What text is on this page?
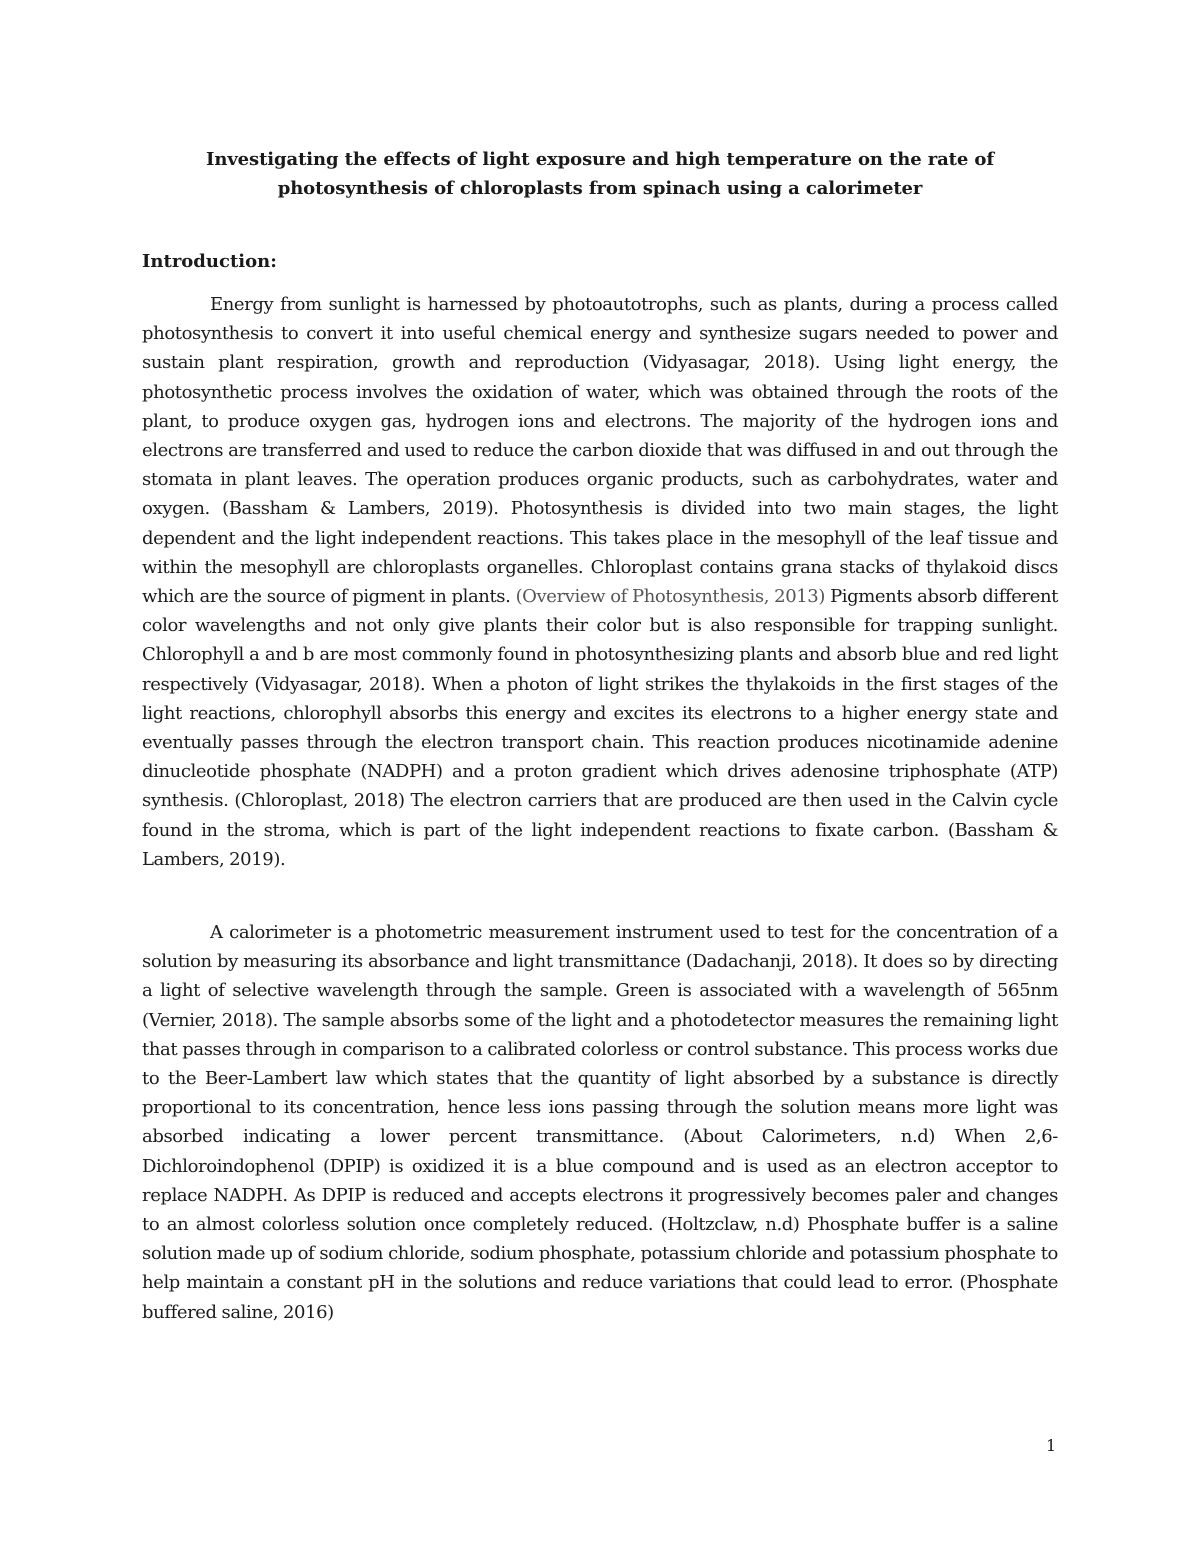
Investigating the effects of light exposure and high temperature on the rate of
photosynthesis of chloroplasts from spinach using a calorimeter
Introduction:

Energy from sunlight is harnessed by photoautotrophs, such as plants, during a process called photosynthesis to convert it into useful chemical energy and synthesize sugars needed to power and sustain plant respiration, growth and reproduction (Vidyasagar, 2018). Using light energy, the photosynthetic process involves the oxidation of water, which was obtained through the roots of the plant, to produce oxygen gas, hydrogen ions and electrons. The majority of the hydrogen ions and electrons are transferred and used to reduce the carbon dioxide that was diffused in and out through the stomata in plant leaves. The operation produces organic products, such as carbohydrates, water and oxygen. (Bassham & Lambers, 2019). Photosynthesis is divided into two main stages, the light dependent and the light independent reactions. This takes place in the mesophyll of the leaf tissue and within the mesophyll are chloroplasts organelles. Chloroplast contains grana stacks of thylakoid discs which are the source of pigment in plants. (Overview of Photosynthesis, 2013) Pigments absorb different color wavelengths and not only give plants their color but is also responsible for trapping sunlight. Chlorophyll a and b are most commonly found in photosynthesizing plants and absorb blue and red light respectively (Vidyasagar, 2018). When a photon of light strikes the thylakoids in the first stages of the light reactions, chlorophyll absorbs this energy and excites its electrons to a higher energy state and eventually passes through the electron transport chain. This reaction produces nicotinamide adenine dinucleotide phosphate (NADPH) and a proton gradient which drives adenosine triphosphate (ATP) synthesis. (Chloroplast, 2018) The electron carriers that are produced are then used in the Calvin cycle found in the stroma, which is part of the light independent reactions to fixate carbon. (Bassham & Lambers, 2019).

A calorimeter is a photometric measurement instrument used to test for the concentration of a solution by measuring its absorbance and light transmittance (Dadachanji, 2018). It does so by directing a light of selective wavelength through the sample. Green is associated with a wavelength of 565nm (Vernier, 2018). The sample absorbs some of the light and a photodetector measures the remaining light that passes through in comparison to a calibrated colorless or control substance. This process works due to the Beer-Lambert law which states that the quantity of light absorbed by a substance is directly proportional to its concentration, hence less ions passing through the solution means more light was absorbed indicating a lower percent transmittance. (About Calorimeters, n.d) When 2,6-Dichloroindophenol (DPIP) is oxidized it is a blue compound and is used as an electron acceptor to replace NADPH. As DPIP is reduced and accepts electrons it progressively becomes paler and changes to an almost colorless solution once completely reduced. (Holtzclaw, n.d) Phosphate buffer is a saline solution made up of sodium chloride, sodium phosphate, potassium chloride and potassium phosphate to help maintain a constant pH in the solutions and reduce variations that could lead to error. (Phosphate buffered saline, 2016)

1
